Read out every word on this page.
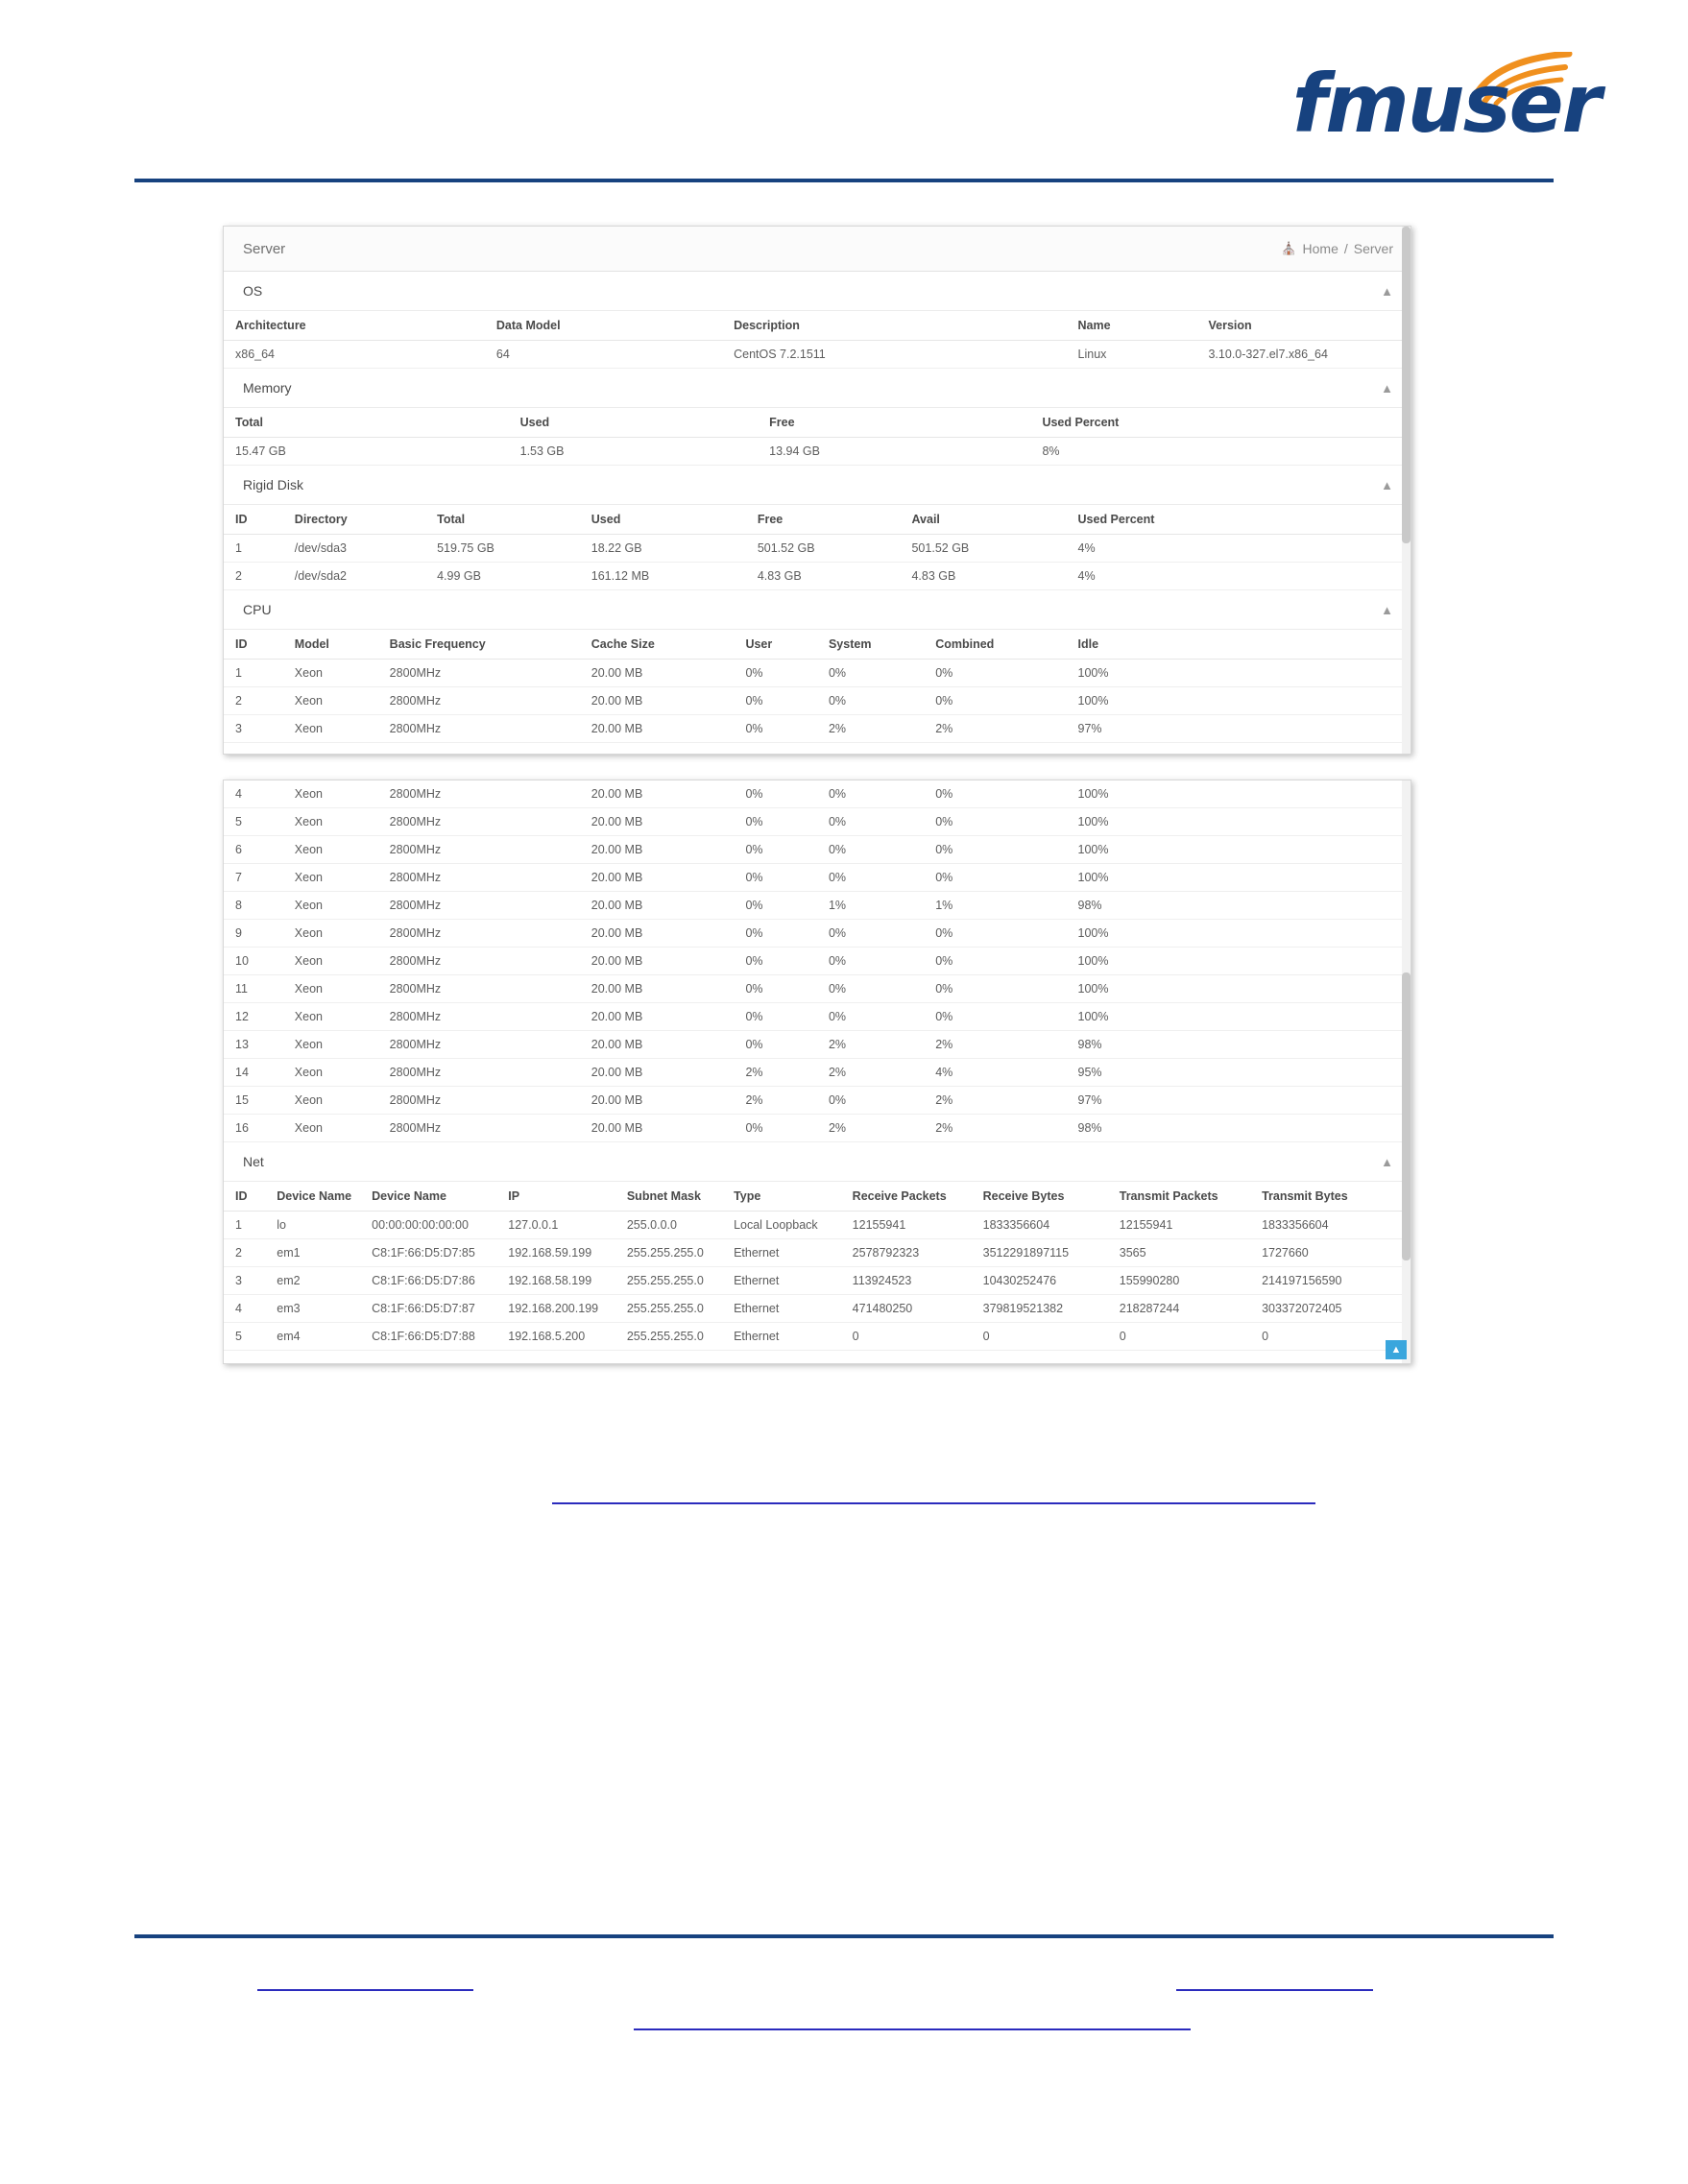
fmuser
Server	⛪ Home / Server
OS	▲
Architecture	Data Model	Description	Name	Version
x86_64	64	CentOS 7.2.1511	Linux	3.10.0-327.el7.x86_64
Memory	▲
Total	Used	Free	Used Percent
15.47 GB	1.53 GB	13.94 GB	8%
Rigid Disk	▲
ID	Directory	Total	Used	Free	Avail	Used Percent
1	/dev/sda3	519.75 GB	18.22 GB	501.52 GB	501.52 GB	4%
2	/dev/sda2	4.99 GB	161.12 MB	4.83 GB	4.83 GB	4%
CPU	▲
ID	Model	Basic Frequency	Cache Size	User	System	Combined	Idle
1	Xeon	2800MHz	20.00 MB	0%	0%	0%	100%
2	Xeon	2800MHz	20.00 MB	0%	0%	0%	100%
3	Xeon	2800MHz	20.00 MB	0%	2%	2%	97%
4	Xeon	2800MHz	20.00 MB	0%	0%	0%	100%
5	Xeon	2800MHz	20.00 MB	0%	0%	0%	100%
6	Xeon	2800MHz	20.00 MB	0%	0%	0%	100%
7	Xeon	2800MHz	20.00 MB	0%	0%	0%	100%
8	Xeon	2800MHz	20.00 MB	0%	1%	1%	98%
9	Xeon	2800MHz	20.00 MB	0%	0%	0%	100%
10	Xeon	2800MHz	20.00 MB	0%	0%	0%	100%
11	Xeon	2800MHz	20.00 MB	0%	0%	0%	100%
12	Xeon	2800MHz	20.00 MB	0%	0%	0%	100%
13	Xeon	2800MHz	20.00 MB	0%	2%	2%	98%
14	Xeon	2800MHz	20.00 MB	2%	2%	4%	95%
15	Xeon	2800MHz	20.00 MB	2%	0%	2%	97%
16	Xeon	2800MHz	20.00 MB	0%	2%	2%	98%
Net	▲
ID	Device Name	Device Name	IP	Subnet Mask	Type	Receive Packets	Receive Bytes	Transmit Packets	Transmit Bytes
1	lo	00:00:00:00:00:00	127.0.0.1	255.0.0.0	Local Loopback	12155941	1833356604	12155941	1833356604
2	em1	C8:1F:66:D5:D7:85	192.168.59.199	255.255.255.0	Ethernet	2578792323	3512291897115	3565	1727660
3	em2	C8:1F:66:D5:D7:86	192.168.58.199	255.255.255.0	Ethernet	113924523	10430252476	155990280	214197156590
4	em3	C8:1F:66:D5:D7:87	192.168.200.199	255.255.255.0	Ethernet	471480250	379819521382	218287244	303372072405
5	em4	C8:1F:66:D5:D7:88	192.168.5.200	255.255.255.0	Ethernet	0	0	0	0
▲
